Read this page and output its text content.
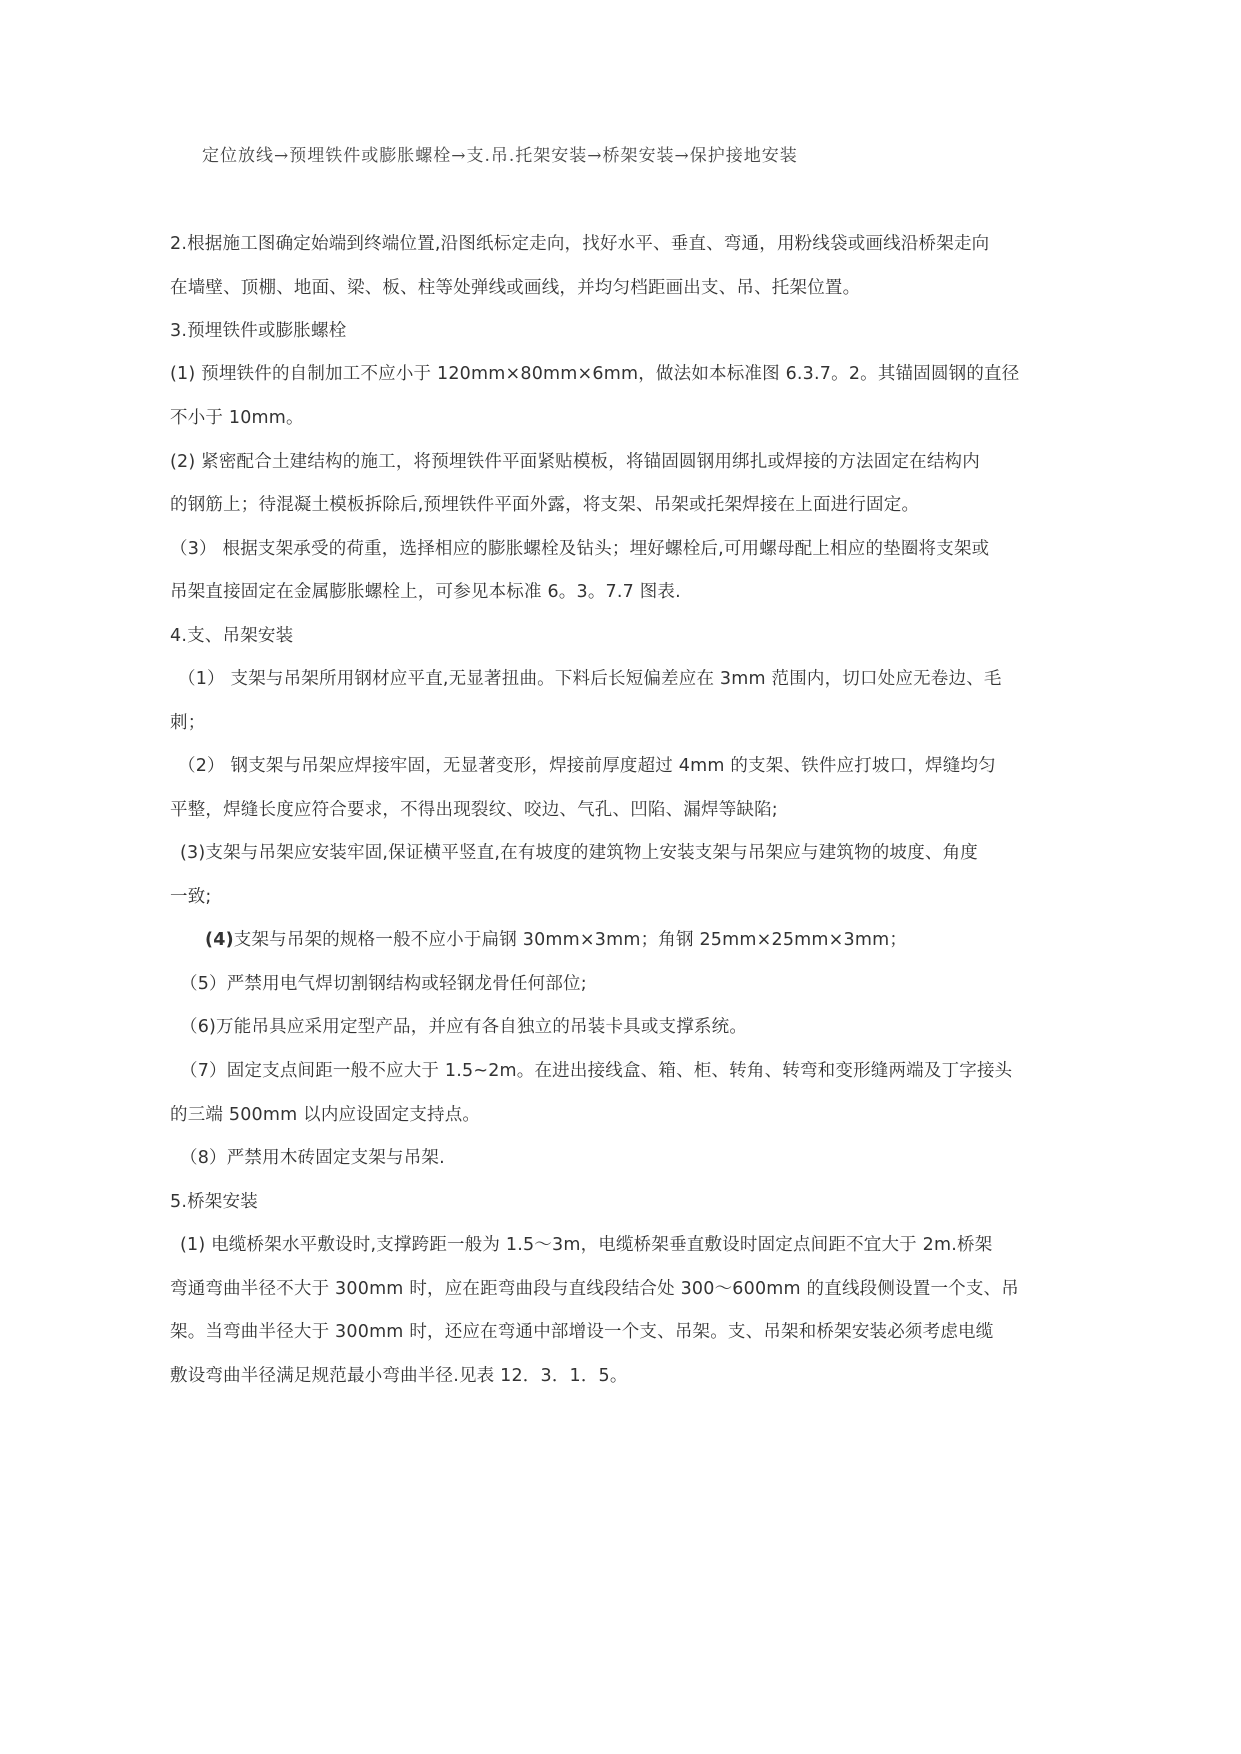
定位放线→预埋铁件或膨胀螺栓→支.吊.托架安装→桥架安装→保护接地安装
2.根据施工图确定始端到终端位置,沿图纸标定走向，找好水平、垂直、弯通，用粉线袋或画线沿桥架走向
在墙壁、顶棚、地面、梁、板、柱等处弹线或画线，并均匀档距画出支、吊、托架位置。
3.预埋铁件或膨胀螺栓
(1) 预埋铁件的自制加工不应小于 120mm×80mm×6mm，做法如本标准图 6.3.7。2。其锚固圆钢的直径
不小于 10mm。
(2) 紧密配合土建结构的施工，将预埋铁件平面紧贴模板，将锚固圆钢用绑扎或焊接的方法固定在结构内
的钢筋上；待混凝土模板拆除后,预埋铁件平面外露，将支架、吊架或托架焊接在上面进行固定。
（3） 根据支架承受的荷重，选择相应的膨胀螺栓及钻头；埋好螺栓后,可用螺母配上相应的垫圈将支架或
吊架直接固定在金属膨胀螺栓上，可参见本标准 6。3。7.7 图表.
4.支、吊架安装
（1） 支架与吊架所用钢材应平直,无显著扭曲。下料后长短偏差应在 3mm 范围内，切口处应无卷边、毛
刺；
（2） 钢支架与吊架应焊接牢固，无显著变形，焊接前厚度超过 4mm 的支架、铁件应打坡口，焊缝均匀
平整，焊缝长度应符合要求，不得出现裂纹、咬边、气孔、凹陷、漏焊等缺陷;
(3)支架与吊架应安装牢固,保证横平竖直,在有坡度的建筑物上安装支架与吊架应与建筑物的坡度、角度
一致;
(4)支架与吊架的规格一般不应小于扁钢 30mm×3mm；角钢 25mm×25mm×3mm；
（5）严禁用电气焊切割钢结构或轻钢龙骨任何部位;
（6)万能吊具应采用定型产品，并应有各自独立的吊装卡具或支撑系统。
（7）固定支点间距一般不应大于 1.5~2m。在进出接线盒、箱、柜、转角、转弯和变形缝两端及丁字接头
的三端 500mm 以内应设固定支持点。
（8）严禁用木砖固定支架与吊架.
5.桥架安装
(1) 电缆桥架水平敷设时,支撑跨距一般为 1.5～3m，电缆桥架垂直敷设时固定点间距不宜大于 2m.桥架
弯通弯曲半径不大于 300mm 时，应在距弯曲段与直线段结合处 300～600mm 的直线段侧设置一个支、吊
架。当弯曲半径大于 300mm 时，还应在弯通中部增设一个支、吊架。支、吊架和桥架安装必须考虑电缆
敷设弯曲半径满足规范最小弯曲半径.见表 12．3．1．5。
